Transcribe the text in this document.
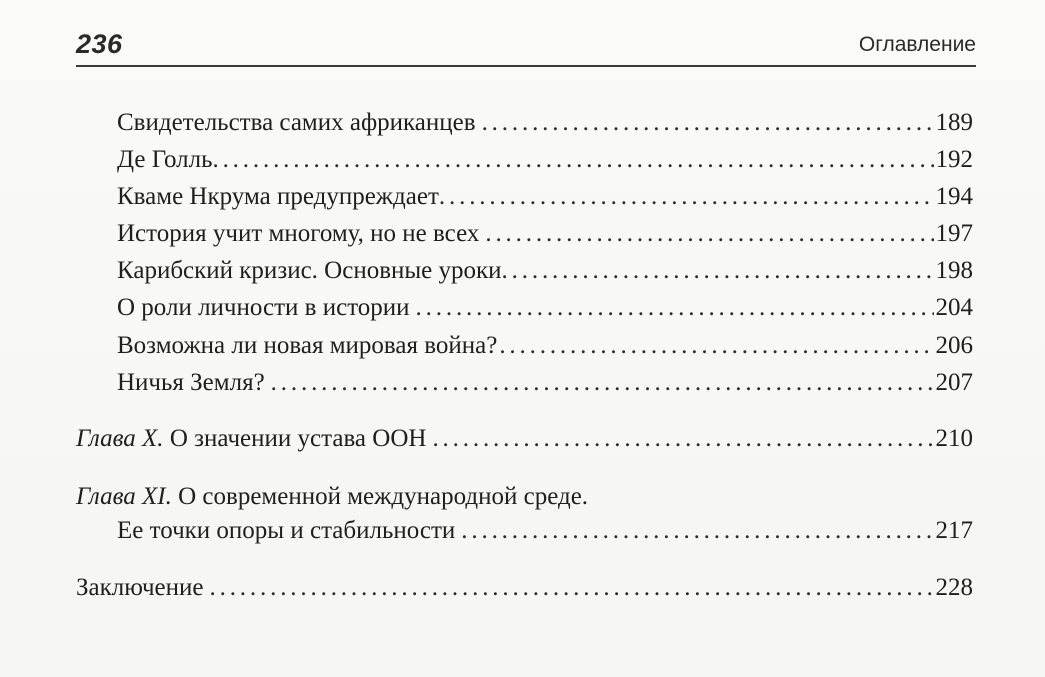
236	Оглавление
Свидетельства самих африканцев . . .	189
Де Голль . . .	192
Кваме Нкрума предупреждает . . .	194
История учит многому, но не всех . . .	197
Карибский кризис. Основные уроки . . .	198
О роли личности в истории . . .	204
Возможна ли новая мировая война? . . .	206
Ничья Земля? . . .	207
Глава X. О значении устава ООН . . .	210
Глава XI. О современной международной среде.
Ее точки опоры и стабильности . . .	217
Заключение . . .	228
